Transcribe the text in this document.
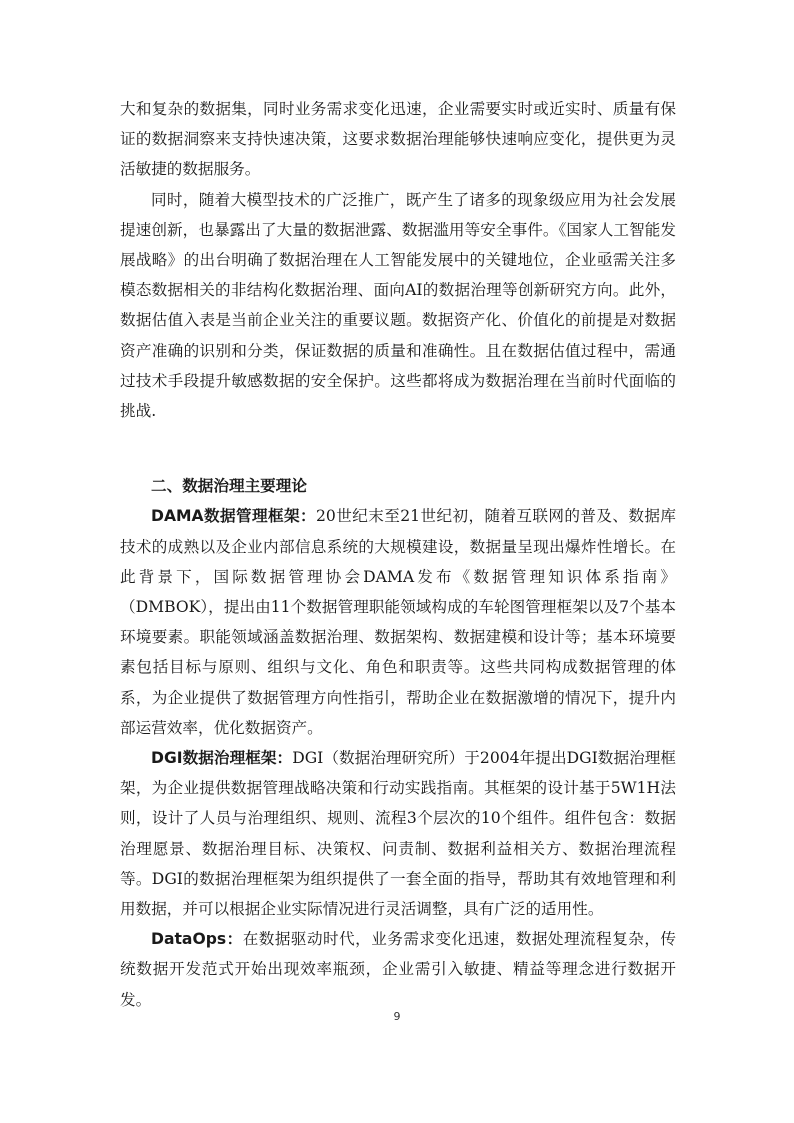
大和复杂的数据集，同时业务需求变化迅速，企业需要实时或近实时、质量有保证的数据洞察来支持快速决策，这要求数据治理能够快速响应变化，提供更为灵活敏捷的数据服务。

同时，随着大模型技术的广泛推广，既产生了诸多的现象级应用为社会发展提速创新，也暴露出了大量的数据泄露、数据滥用等安全事件。《国家人工智能发展战略》的出台明确了数据治理在人工智能发展中的关键地位，企业亟需关注多模态数据相关的非结构化数据治理、面向AI的数据治理等创新研究方向。此外，数据估值入表是当前企业关注的重要议题。数据资产化、价值化的前提是对数据资产准确的识别和分类，保证数据的质量和准确性。且在数据估值过程中，需通过技术手段提升敏感数据的安全保护。这些都将成为数据治理在当前时代面临的挑战.

二、数据治理主要理论

DAMA数据管理框架：20世纪末至21世纪初，随着互联网的普及、数据库技术的成熟以及企业内部信息系统的大规模建设，数据量呈现出爆炸性增长。在此背景下，国际数据管理协会DAMA发布《数据管理知识体系指南》（DMBOK），提出由11个数据管理职能领域构成的车轮图管理框架以及7个基本环境要素。职能领域涵盖数据治理、数据架构、数据建模和设计等；基本环境要素包括目标与原则、组织与文化、角色和职责等。这些共同构成数据管理的体系，为企业提供了数据管理方向性指引，帮助企业在数据激增的情况下，提升内部运营效率，优化数据资产。

DGI数据治理框架：DGI（数据治理研究所）于2004年提出DGI数据治理框架，为企业提供数据管理战略决策和行动实践指南。其框架的设计基于5W1H法则，设计了人员与治理组织、规则、流程3个层次的10个组件。组件包含：数据治理愿景、数据治理目标、决策权、问责制、数据利益相关方、数据治理流程等。DGI的数据治理框架为组织提供了一套全面的指导，帮助其有效地管理和利用数据，并可以根据企业实际情况进行灵活调整，具有广泛的适用性。

DataOps：在数据驱动时代，业务需求变化迅速，数据处理流程复杂，传统数据开发范式开始出现效率瓶颈，企业需引入敏捷、精益等理念进行数据开发。

9
